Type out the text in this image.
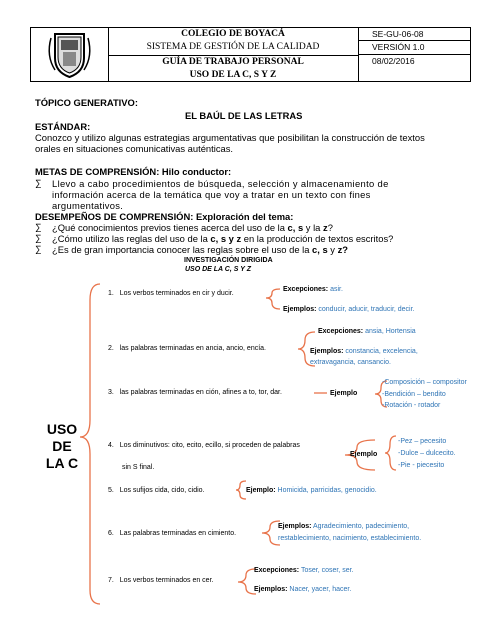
COLEGIO DE BOYACÁ
SISTEMA DE GESTIÓN DE LA CALIDAD
GUÍA DE TRABAJO PERSONAL
USO DE LA C, S Y Z
SE-GU-06-08
VERSIÓN 1.0
08/02/2016
TÓPICO GENERATIVO:
EL BAÚL DE LAS LETRAS
ESTÁNDAR:
Conozco y utilizo algunas estrategias argumentativas que posibilitan la construcción de textos
orales en situaciones comunicativas auténticas.
METAS DE COMPRENSIÓN: Hilo conductor:
∑ Llevo a cabo procedimientos de búsqueda, selección y almacenamiento de
información acerca de la temática que voy a tratar en un texto con fines
argumentativos.
DESEMPEÑOS DE COMPRENSIÓN: Exploración del tema:
∑ ¿Qué conocimientos previos tienes acerca del uso de la c, s y la z?
∑ ¿Cómo utilizo las reglas del uso de la c, s y z en la producción de textos escritos?
∑ ¿Es de gran importancia conocer las reglas sobre el uso de la c, s y z?
INVESTIGACIÓN DIRIGIDA
USO DE LA C, S Y Z
USO DE
LA C
1. Los verbos terminados en cir y ducir.
2. las palabras terminadas en ancia, ancio, encía.
3. las palabras terminadas en ción, afines a to, tor, dar.
4. Los diminutivos: cito, ecito, ecillo, si proceden de palabras
sin S final.
5. Los sufijos cida, cido, cidio.
6. Las palabras terminadas en cimiento.
7. Los verbos terminados en cer.
Excepciones: asir.
Ejemplos: conducir, aducir, traducir, decir.
Excepciones: ansia, Hortensia
Ejemplos: constancia, excelencia,
extravagancia, cansancio.
Ejemplo
-Composición – compositor
-Bendición – bendito
-Rotación - rotador
Ejemplo
-Pez – pecesito
-Dulce – dulcecito.
-Pie - piecesito
Ejemplo: Homicida, parricidas, genocidio.
Ejemplos: Agradecimiento, padecimiento,
restablecimiento, nacimiento, establecimiento.
Excepciones: Toser, coser, ser.
Ejemplos: Nacer, yacer, hacer.
